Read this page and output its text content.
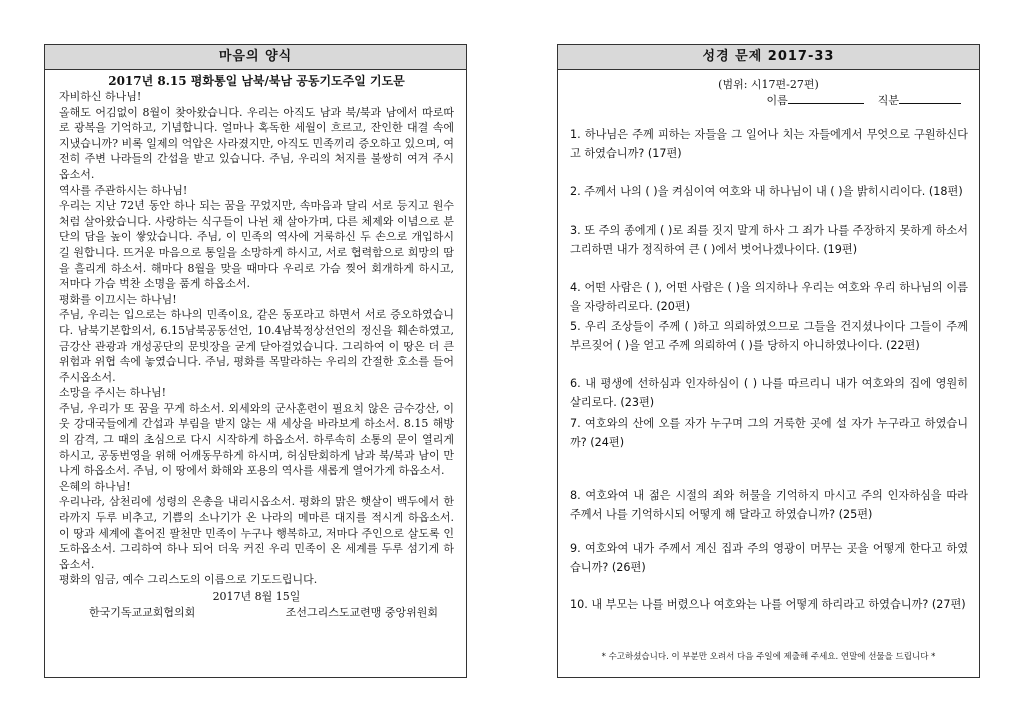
마음의 양식
2017년 8.15 평화통일 남북/북남 공동기도주일 기도문

자비하신 하나님!

올해도 어김없이 8월이 찾아왔습니다. 우리는 아직도 남과 북/북과 남에서 따로따로 광복을 기억하고, 기념합니다. 얼마나 혹독한 세월이 흐르고, 잔인한 대결 속에 지냈습니까? 비록 일제의 억압은 사라졌지만, 아직도 민족끼리 증오하고 있으며, 여전히 주변 나라들의 간섭을 받고 있습니다. 주님, 우리의 처지를 불쌍히 여겨 주시옵소서.

역사를 주관하시는 하나님!

우리는 지난 72년 동안 하나 되는 꿈을 꾸었지만, 속마음과 달리 서로 등지고 원수처럼 살아왔습니다. 사랑하는 식구들이 나뉜 채 살아가며, 다른 체제와 이념으로 분단의 담을 높이 쌓았습니다. 주님, 이 민족의 역사에 거룩하신 두 손으로 개입하시길 원합니다. 뜨거운 마음으로 통일을 소망하게 하시고, 서로 협력함으로 희망의 땀을 흘리게 하소서. 해마다 8월을 맞을 때마다 우리로 가슴 찢어 회개하게 하시고, 저마다 가슴 벅찬 소명을 품게 하옵소서.

평화를 이끄시는 하나님!

주님, 우리는 입으로는 하나의 민족이요, 같은 동포라고 하면서 서로 증오하였습니다. 남북기본합의서, 6.15남북공동선언, 10.4남북정상선언의 정신을 훼손하였고, 금강산 관광과 개성공단의 문빗장을 굳게 닫아걸었습니다. 그리하여 이 땅은 더 큰 위험과 위협 속에 놓였습니다. 주님, 평화를 목말라하는 우리의 간절한 호소를 들어주시옵소서.

소망을 주시는 하나님!

주님, 우리가 또 꿈을 꾸게 하소서. 외세와의 군사훈련이 필요치 않은 금수강산, 이웃 강대국들에게 간섭과 부림을 받지 않는 새 세상을 바라보게 하소서. 8.15 해방의 감격, 그 때의 초심으로 다시 시작하게 하옵소서. 하루속히 소통의 문이 열리게 하시고, 공동번영을 위해 어깨동무하게 하시며, 허심탄회하게 남과 북/북과 남이 만나게 하옵소서. 주님, 이 땅에서 화해와 포용의 역사를 새롭게 열어가게 하옵소서.

은혜의 하나님!

우리나라, 삼천리에 성령의 은총을 내리시옵소서. 평화의 맑은 햇살이 백두에서 한라까지 두루 비추고, 기쁨의 소나기가 온 나라의 메마른 대지를 적시게 하옵소서. 이 땅과 세계에 흩어진 팔천만 민족이 누구나 행복하고, 저마다 주인으로 살도록 인도하옵소서. 그리하여 하나 되어 더욱 커진 우리 민족이 온 세계를 두루 섬기게 하옵소서.

평화의 임금, 예수 그리스도의 이름으로 기도드립니다.

2017년 8월 15일
한국기독교교회협의회	조선그리스도교련맹 중앙위원회
성경 문제 2017-33
(범위: 시17편-27편)
이름	직분
1. 하나님은 주께 피하는 자들을 그 일어나 치는 자들에게서 무엇으로 구원하신다고 하였습니까? (17편)
2. 주께서 나의 ( )을 켜심이여 여호와 내 하나님이 내 ( )을 밝히시리이다. (18편)
3. 또 주의 종에게 ( )로 죄를 짓지 말게 하사 그 죄가 나를 주장하지 못하게 하소서 그리하면 내가 정직하여 큰 ( )에서 벗어나겠나이다. (19편)
4. 어떤 사람은 ( ), 어떤 사람은 ( )을 의지하나 우리는 여호와 우리 하나님의 이름을 자랑하리로다. (20편)
5. 우리 조상들이 주께 ( )하고 의뢰하였으므로 그들을 건지셨나이다 그들이 주께 부르짖어 ( )을 얻고 주께 의뢰하여 ( )를 당하지 아니하였나이다. (22편)
6. 내 평생에 선하심과 인자하심이 ( ) 나를 따르리니 내가 여호와의 집에 영원히 살리로다. (23편)
7. 여호와의 산에 오를 자가 누구며 그의 거룩한 곳에 설 자가 누구라고 하였습니까? (24편)
8. 여호와여 내 젊은 시절의 죄와 허물을 기억하지 마시고 주의 인자하심을 따라 주께서 나를 기억하시되 어떻게 해 달라고 하였습니까? (25편)
9. 여호와여 내가 주께서 계신 집과 주의 영광이 머무는 곳을 어떻게 한다고 하였습니까? (26편)
10. 내 부모는 나를 버렸으나 여호와는 나를 어떻게 하리라고 하였습니까? (27편)
* 수고하셨습니다. 이 부분만 오려서 다음 주일에 제출해 주세요. 연말에 선물을 드립니다 *
